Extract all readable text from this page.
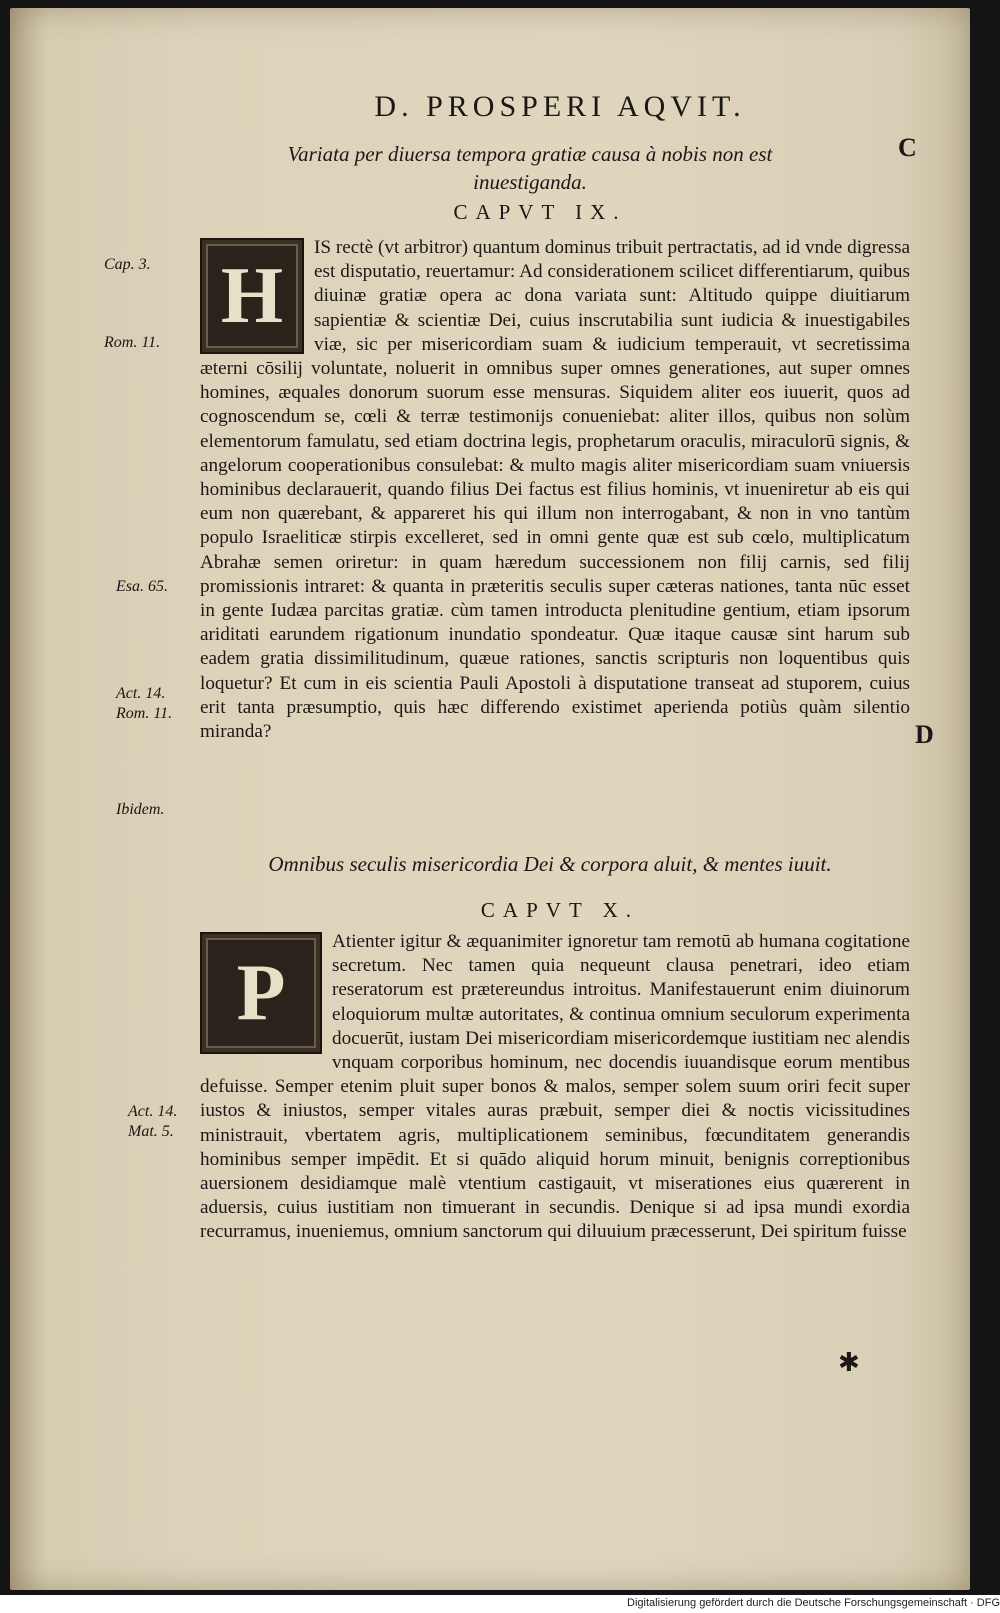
D. PROSPERI AQVIT.
C
Variata per diuersa tempora gratiæ causa à nobis non est inuestiganda.
CAPVT IX.
Cap. 3.
Rom. 11.
Esa. 65.
Act. 14.
Rom. 11.
Ibidem.
Act. 14.
Mat. 5.
H
IS rectè (vt arbitror) quantum dominus tribuit pertractatis, ad id vnde digressa est disputatio, reuertamur: Ad considerationem scilicet differentiarum, quibus diuinæ gratiæ opera ac dona variata sunt: Altitudo quippe diuitiarum sapientiæ & scientiæ Dei, cuius inscrutabilia sunt iudicia & inuestigabiles viæ, sic per misericordiam suam & iudicium temperauit, vt secretissima æterni cōsilij voluntate, noluerit in omnibus super omnes generationes, aut super omnes homines, æquales donorum suorum esse mensuras. Siquidem aliter eos iuuerit, quos ad cognoscendum se, cœli & terræ testimonijs conueniebat: aliter illos, quibus non solùm elementorum famulatu, sed etiam doctrina legis, prophetarum oraculis, miraculorū signis, & angelorum cooperationibus consulebat: & multo magis aliter misericordiam suam vniuersis hominibus declarauerit, quando filius Dei factus est filius hominis, vt inueniretur ab eis qui eum non quærebant, & appareret his qui illum non interrogabant, & non in vno tantùm populo Israeliticæ stirpis excelleret, sed in omni gente quæ est sub cœlo, multiplicatum Abrahæ semen oriretur: in quam hæredum successionem non filij carnis, sed filij promissionis intraret: & quanta in præteritis seculis super cæteras nationes, tanta nūc esset in gente Iudæa parcitas gratiæ. cùm tamen introducta plenitudine gentium, etiam ipsorum ariditati earundem rigationum inundatio spondeatur. Quæ itaque causæ sint harum sub eadem gratia dissimilitudinum, quæue rationes, sanctis scripturis non loquentibus quis loquetur? Et cum in eis scientia Pauli Apostoli à disputatione transeat ad stuporem, cuius erit tanta præsumptio, quis hæc differendo existimet aperienda potiùs quàm silentio miranda?	D
Omnibus seculis misericordia Dei & corpora aluit, & mentes iuuit.
CAPVT X.
P
Atienter igitur & æquanimiter ignoretur tam remotū ab humana cogitatione secretum. Nec tamen quia nequeunt clausa penetrari, ideo etiam reseratorum est prætereundus introitus. Manifestauerunt enim diuinorum eloquiorum multæ autoritates, & continua omnium seculorum experimenta docuerūt, iustam Dei misericordiam misericordemque iustitiam nec alendis vnquam corporibus hominum, nec docendis iuuandisque eorum mentibus defuisse. Semper etenim pluit super bonos & malos, semper solem suum oriri fecit super iustos & iniustos, semper vitales auras præbuit, semper diei & noctis vicissitudines ministrauit, vbertatem agris, multiplicationem seminibus, fœcunditatem generandis hominibus semper impēdit. Et si quādo aliquid horum minuit, benignis correptionibus auersionem desidiamque malè vtentium castigauit, vt miserationes eius quærerent in aduersis, cuius iustitiam non timuerant in secundis. Denique si ad ipsa mundi exordia recurramus, inueniemus, omnium sanctorum qui diluuium præcesserunt, Dei spiritum fuisse
✱
Digitalisierung gefördert durch die Deutsche Forschungsgemeinschaft · DFG
